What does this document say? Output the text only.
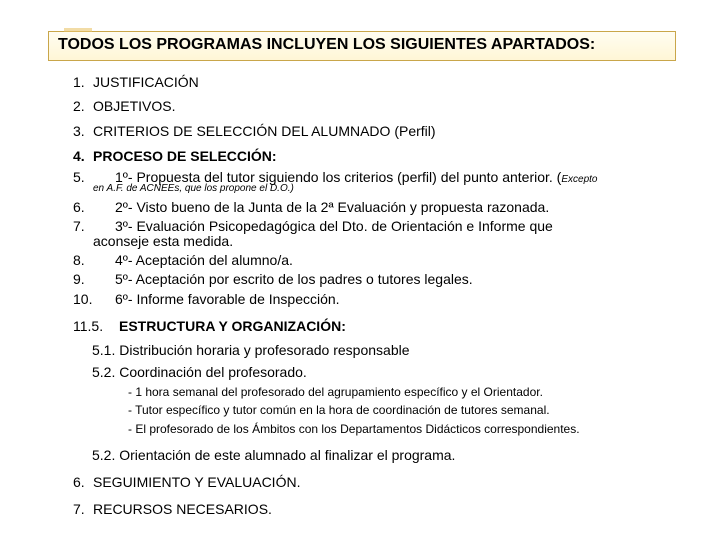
TODOS LOS PROGRAMAS INCLUYEN LOS SIGUIENTES APARTADOS:
1. JUSTIFICACIÓN
2. OBJETIVOS.
3. CRITERIOS DE SELECCIÓN DEL ALUMNADO (Perfil)
4. PROCESO DE SELECCIÓN:
5. 1º- Propuesta del tutor siguiendo los criterios (perfil) del punto anterior. (Excepto
en A.F. de ACNEEs, que los propone el D.O.)
6. 2º- Visto bueno de la Junta de la 2ª Evaluación y propuesta razonada.
7. 3º- Evaluación Psicopedagógica del Dto. de Orientación e Informe que
aconseje esta medida.
8. 4º- Aceptación del alumno/a.
9. 5º- Aceptación por escrito de los padres o tutores legales.
10. 6º- Informe favorable de Inspección.
11.5. ESTRUCTURA Y ORGANIZACIÓN:
5.1. Distribución horaria y profesorado responsable
5.2. Coordinación del profesorado.
- 1 hora semanal del profesorado del agrupamiento específico y el Orientador.
- Tutor específico y tutor común en la hora de coordinación de tutores semanal.
- El profesorado de los Ámbitos con los Departamentos Didácticos correspondientes.
5.2. Orientación de este alumnado al finalizar el programa.
6. SEGUIMIENTO Y EVALUACIÓN.
7. RECURSOS NECESARIOS.
